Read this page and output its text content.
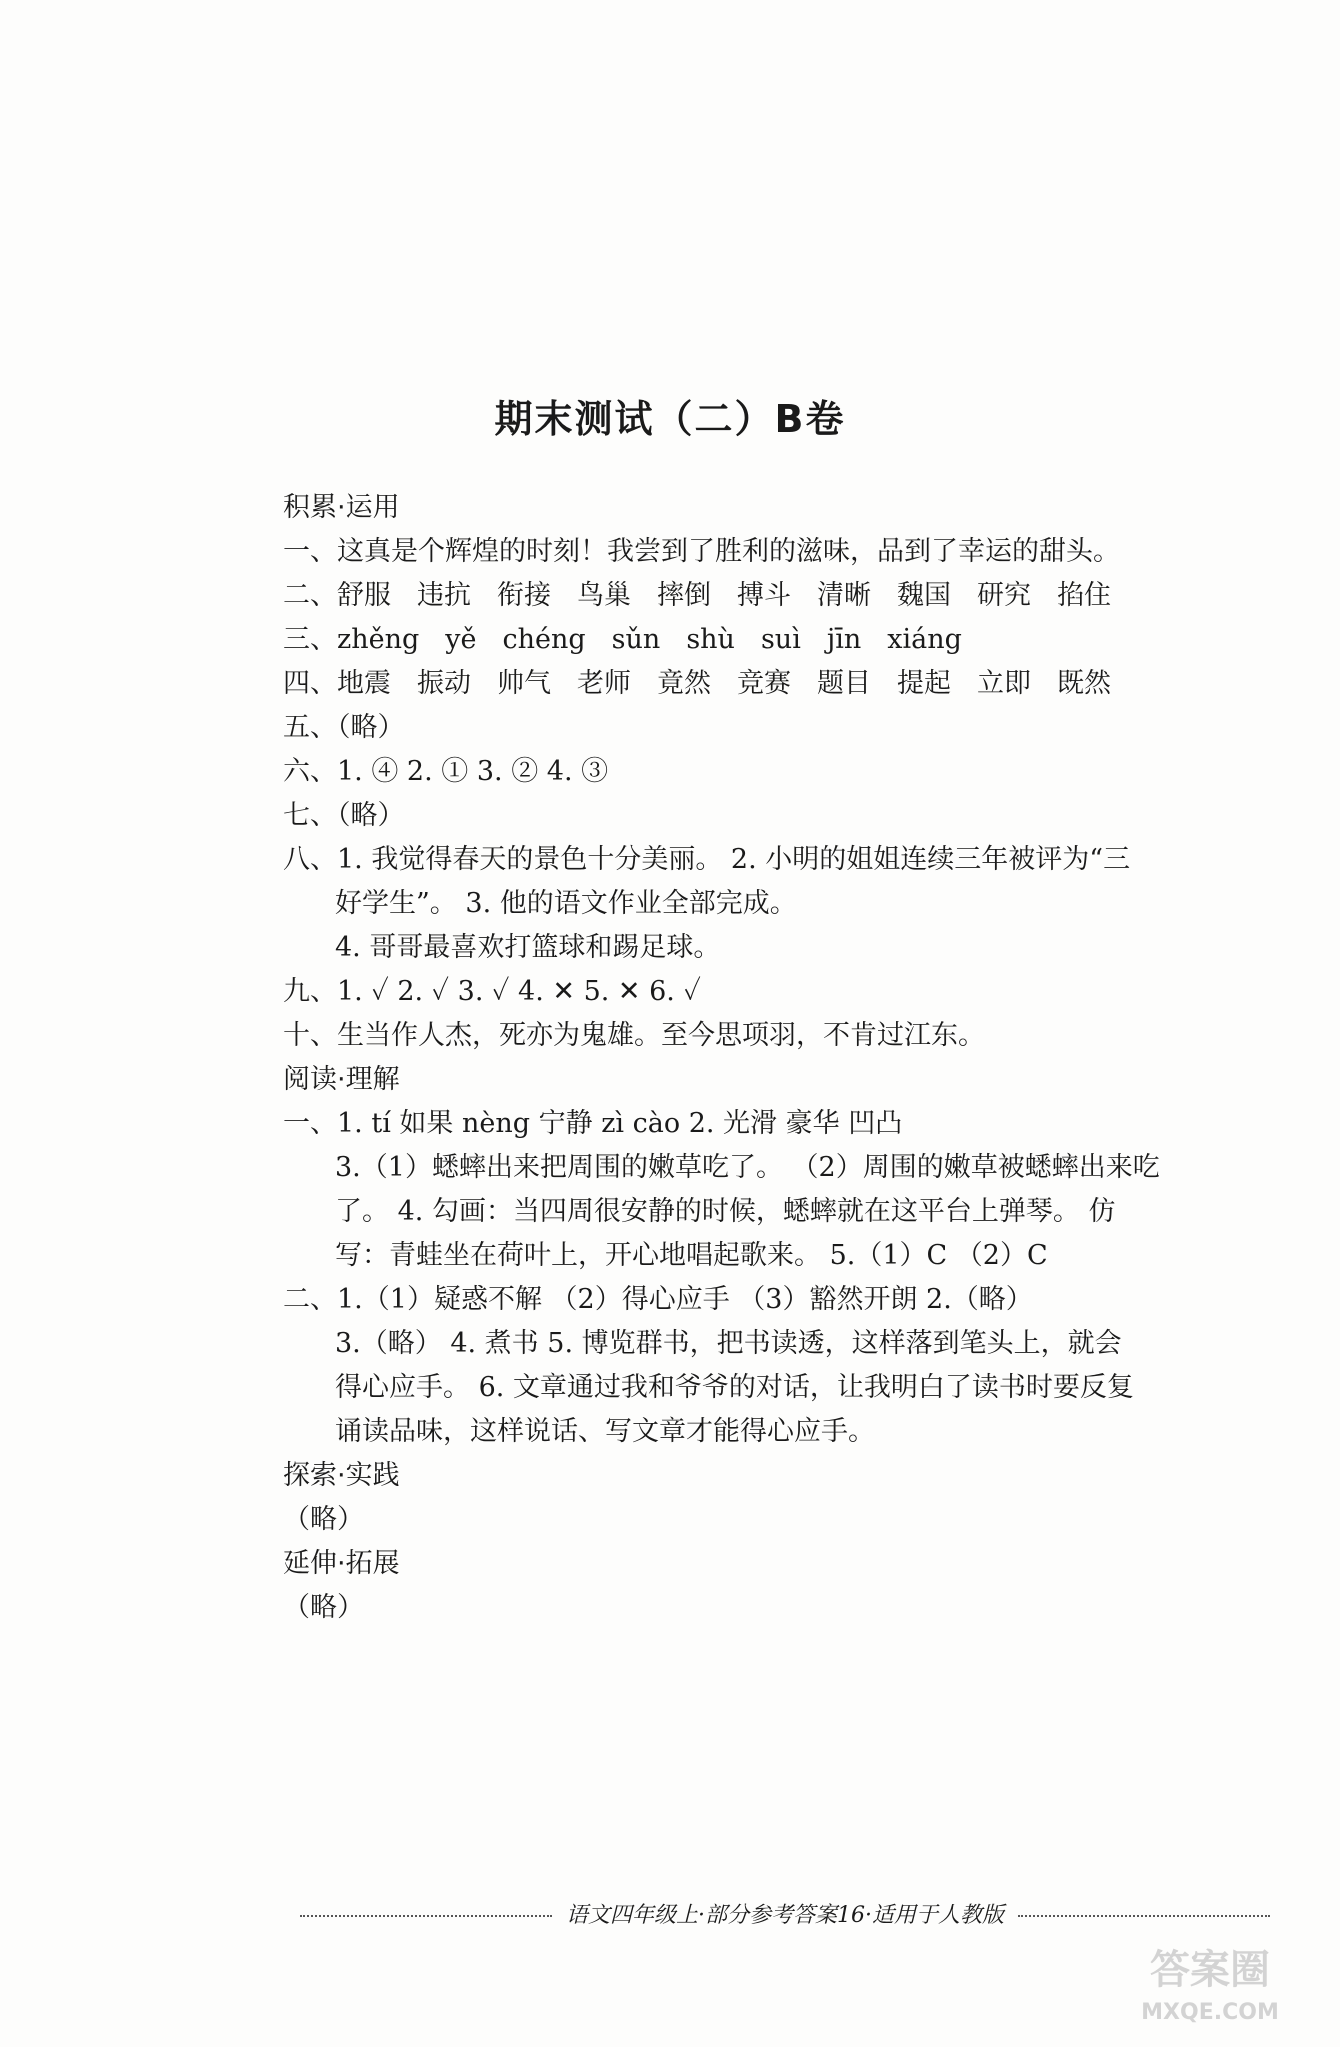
期末测试（二）B卷
积累·运用
一、这真是个辉煌的时刻！我尝到了胜利的滋味，品到了幸运的甜头。
二、舒服 违抗 衔接 鸟巢 摔倒 搏斗 清晰 魏国 研究 掐住
三、zhěng yě chéng sǔn shù suì jīn xiáng
四、地震 振动 帅气 老师 竟然 竞赛 题目 提起 立即 既然
五、（略）
六、1. ④ 2. ① 3. ② 4. ③
七、（略）
八、1. 我觉得春天的景色十分美丽。 2. 小明的姐姐连续三年被评为“三
好学生”。 3. 他的语文作业全部完成。
4. 哥哥最喜欢打篮球和踢足球。
九、1. ✓ 2. ✓ 3. ✓ 4. ✕ 5. ✕ 6. ✓
十、生当作人杰，死亦为鬼雄。至今思项羽，不肯过江东。
阅读·理解
一、1. tí 如果 nèng 宁静 zì cào 2. 光滑 豪华 凹凸
3.（1）蟋蟀出来把周围的嫩草吃了。 （2）周围的嫩草被蟋蟀出来吃
了。 4. 勾画：当四周很安静的时候，蟋蟀就在这平台上弹琴。 仿
写：青蛙坐在荷叶上，开心地唱起歌来。 5.（1）C （2）C
二、1.（1）疑惑不解 （2）得心应手 （3）豁然开朗 2.（略）
3.（略） 4. 煮书 5. 博览群书，把书读透，这样落到笔头上，就会
得心应手。 6. 文章通过我和爷爷的对话，让我明白了读书时要反复
诵读品味，这样说话、写文章才能得心应手。
探索·实践
（略）
延伸·拓展
（略）
语文四年级上·部分参考答案16·适用于人教版
答案圈
MXQE.COM
